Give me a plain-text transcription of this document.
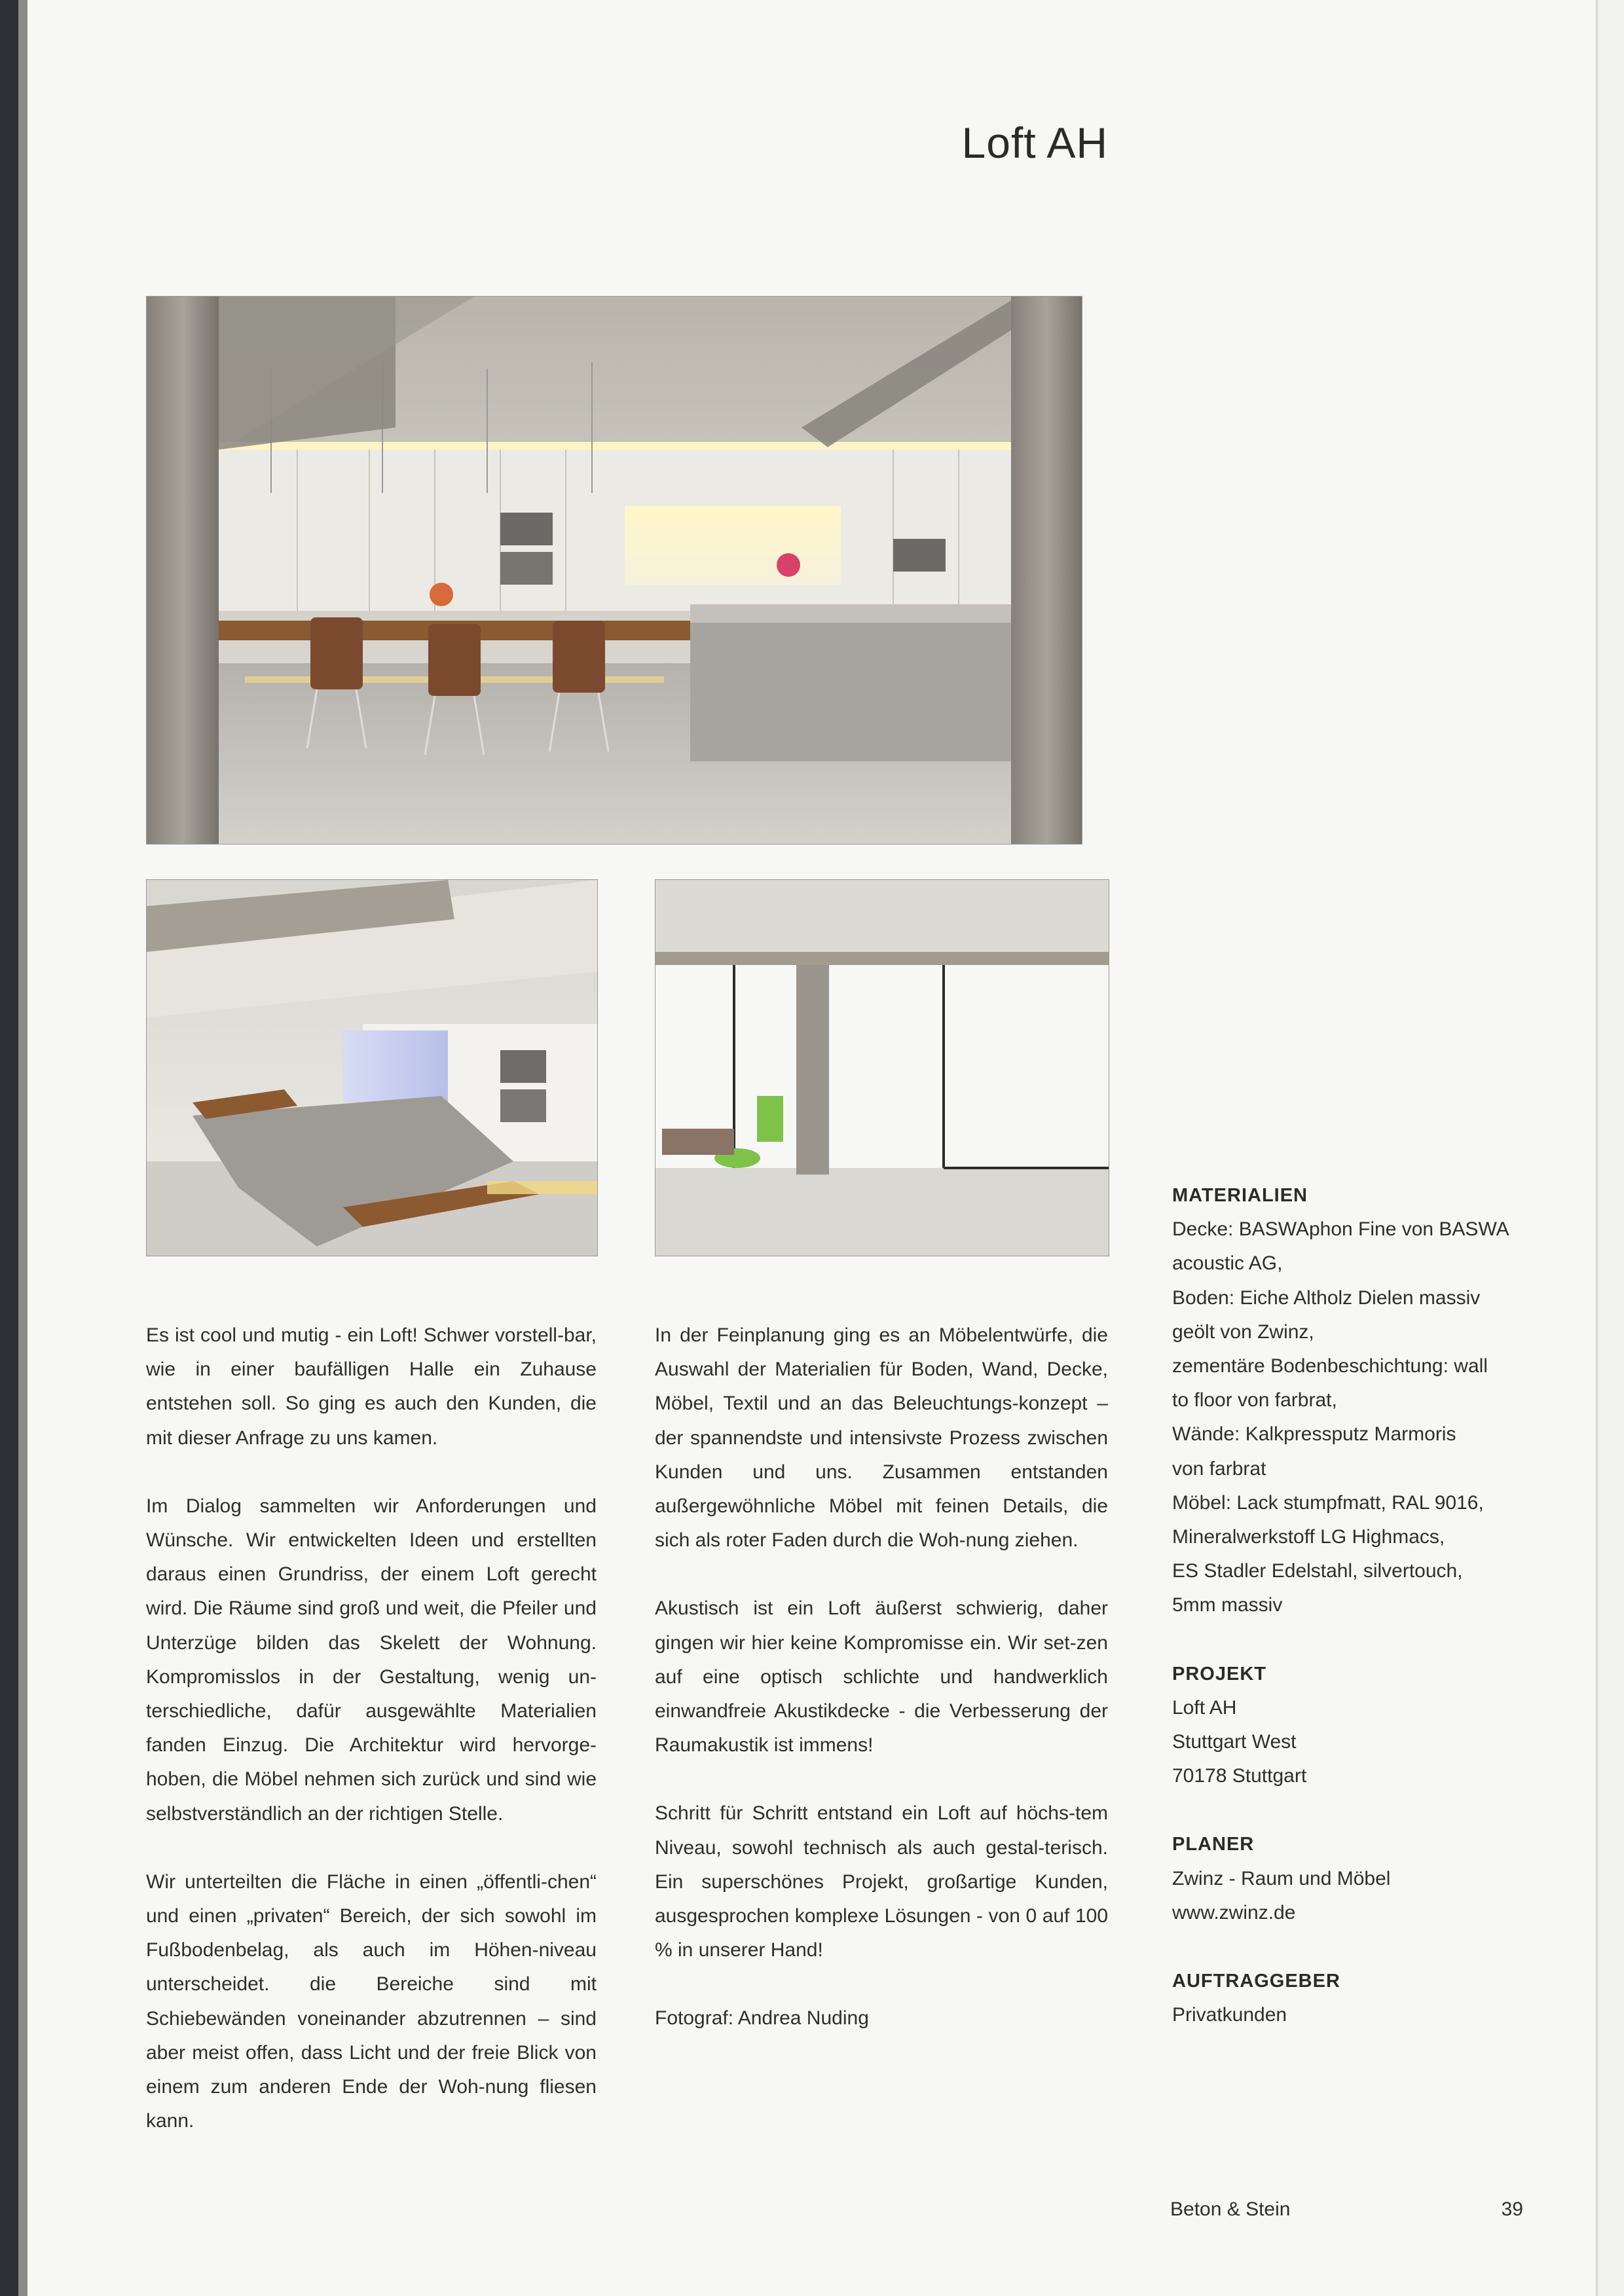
Loft AH

Es ist cool und mutig - ein Loft! Schwer vorstell-bar, wie in einer baufälligen Halle ein Zuhause entstehen soll. So ging es auch den Kunden, die mit dieser Anfrage zu uns kamen.

Im Dialog sammelten wir Anforderungen und Wünsche. Wir entwickelten Ideen und erstellten daraus einen Grundriss, der einem Loft gerecht wird. Die Räume sind groß und weit, die Pfeiler und Unterzüge bilden das Skelett der Wohnung. Kompromisslos in der Gestaltung, wenig un-terschiedliche, dafür ausgewählte Materialien fanden Einzug. Die Architektur wird hervorge-hoben, die Möbel nehmen sich zurück und sind wie selbstverständlich an der richtigen Stelle.

Wir unterteilten die Fläche in einen „öffentli-chen“ und einen „privaten“ Bereich, der sich sowohl im Fußbodenbelag, als auch im Höhen-niveau unterscheidet. die Bereiche sind mit Schiebewänden voneinander abzutrennen – sind aber meist offen, dass Licht und der freie Blick von einem zum anderen Ende der Woh-nung fliesen kann.

In der Feinplanung ging es an Möbelentwürfe, die Auswahl der Materialien für Boden, Wand, Decke, Möbel, Textil und an das Beleuchtungs-konzept – der spannendste und intensivste Prozess zwischen Kunden und uns. Zusammen entstanden außergewöhnliche Möbel mit feinen Details, die sich als roter Faden durch die Woh-nung ziehen.

Akustisch ist ein Loft äußerst schwierig, daher gingen wir hier keine Kompromisse ein. Wir set-zen auf eine optisch schlichte und handwerklich einwandfreie Akustikdecke - die Verbesserung der Raumakustik ist immens!

Schritt für Schritt entstand ein Loft auf höchs-tem Niveau, sowohl technisch als auch gestal-terisch. Ein superschönes Projekt, großartige Kunden, ausgesprochen komplexe Lösungen - von 0 auf 100 % in unserer Hand!

Fotograf: Andrea Nuding

MATERIALIEN
Decke: BASWAphon Fine von BASWA
acoustic AG,
Boden: Eiche Altholz Dielen massiv
geölt von Zwinz,
zementäre Bodenbeschichtung: wall
to floor von farbrat,
Wände: Kalkpressputz Marmoris
von farbrat
Möbel: Lack stumpfmatt, RAL 9016,
Mineralwerkstoff LG Highmacs,
ES Stadler Edelstahl, silvertouch,
5mm massiv
PROJEKT
Loft AH
Stuttgart West
70178 Stuttgart
PLANER
Zwinz - Raum und Möbel
www.zwinz.de
AUFTRAGGEBER
Privatkunden
Beton & Stein	39
